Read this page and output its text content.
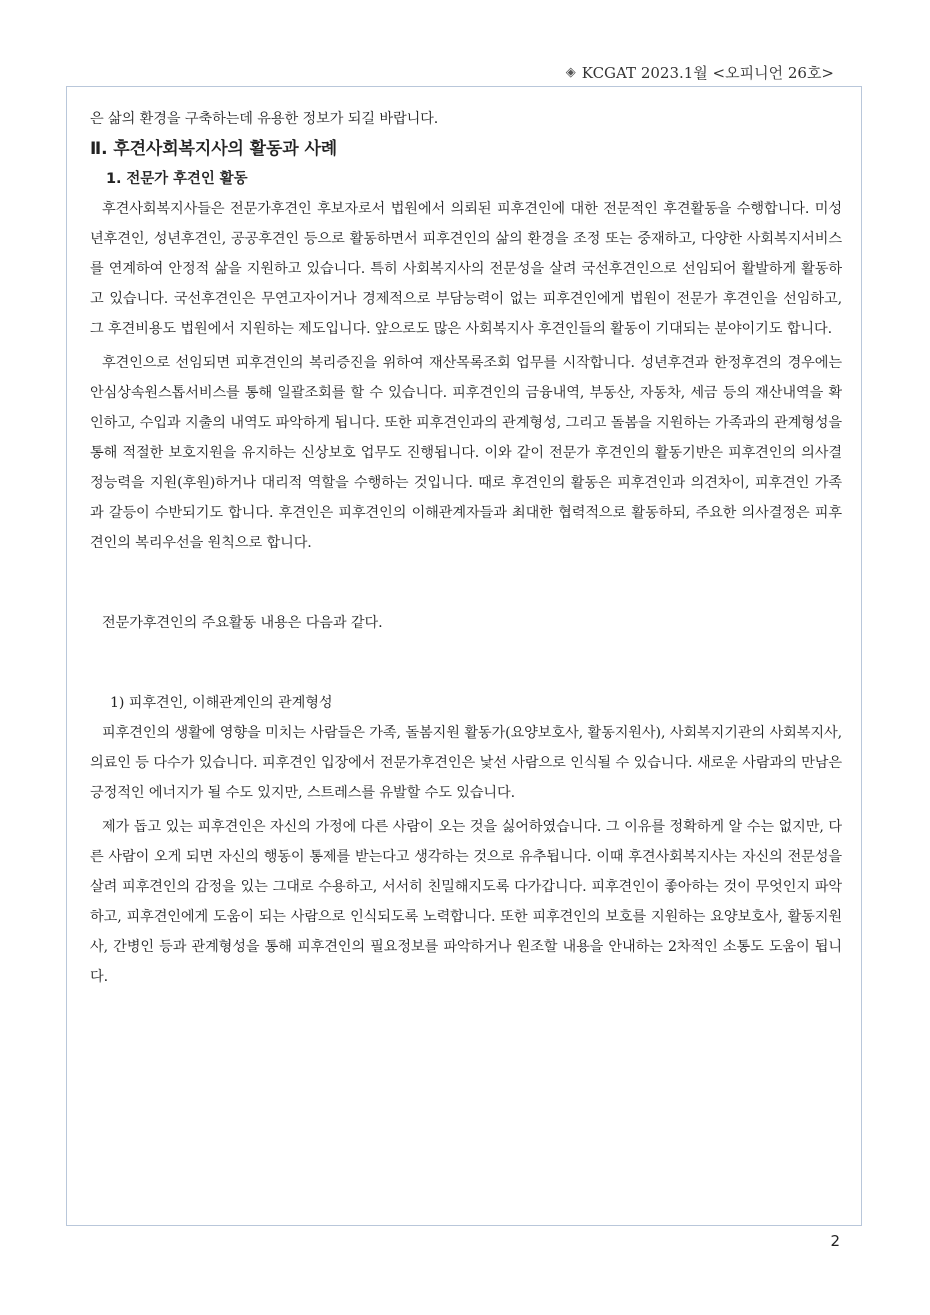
◈ KCGAT 2023.1월 <오피니언 26호>

은 삶의 환경을 구축하는데 유용한 정보가 되길 바랍니다.

Ⅱ. 후견사회복지사의 활동과 사례

1. 전문가 후견인 활동

후견사회복지사들은 전문가후견인 후보자로서 법원에서 의뢰된 피후견인에 대한 전문적인 후견활동을 수행합니다. 미성년후견인, 성년후견인, 공공후견인 등으로 활동하면서 피후견인의 삶의 환경을 조정 또는 중재하고, 다양한 사회복지서비스를 연계하여 안정적 삶을 지원하고 있습니다. 특히 사회복지사의 전문성을 살려 국선후견인으로 선임되어 활발하게 활동하고 있습니다. 국선후견인은 무연고자이거나 경제적으로 부담능력이 없는 피후견인에게 법원이 전문가 후견인을 선임하고, 그 후견비용도 법원에서 지원하는 제도입니다. 앞으로도 많은 사회복지사 후견인들의 활동이 기대되는 분야이기도 합니다.

후견인으로 선임되면 피후견인의 복리증진을 위하여 재산목록조회 업무를 시작합니다. 성년후견과 한정후견의 경우에는 안심상속원스톱서비스를 통해 일괄조회를 할 수 있습니다. 피후견인의 금융내역, 부동산, 자동차, 세금 등의 재산내역을 확인하고, 수입과 지출의 내역도 파악하게 됩니다. 또한 피후견인과의 관계형성, 그리고 돌봄을 지원하는 가족과의 관계형성을 통해 적절한 보호지원을 유지하는 신상보호 업무도 진행됩니다. 이와 같이 전문가 후견인의 활동기반은 피후견인의 의사결정능력을 지원(후원)하거나 대리적 역할을 수행하는 것입니다. 때로 후견인의 활동은 피후견인과 의견차이, 피후견인 가족과 갈등이 수반되기도 합니다. 후견인은 피후견인의 이해관계자들과 최대한 협력적으로 활동하되, 주요한 의사결정은 피후견인의 복리우선을 원칙으로 합니다.

전문가후견인의 주요활동 내용은 다음과 같다.

1) 피후견인, 이해관계인의 관계형성

피후견인의 생활에 영향을 미치는 사람들은 가족, 돌봄지원 활동가(요양보호사, 활동지원사), 사회복지기관의 사회복지사, 의료인 등 다수가 있습니다. 피후견인 입장에서 전문가후견인은 낯선 사람으로 인식될 수 있습니다. 새로운 사람과의 만남은 긍정적인 에너지가 될 수도 있지만, 스트레스를 유발할 수도 있습니다.

제가 돕고 있는 피후견인은 자신의 가정에 다른 사람이 오는 것을 싫어하였습니다. 그 이유를 정확하게 알 수는 없지만, 다른 사람이 오게 되면 자신의 행동이 통제를 받는다고 생각하는 것으로 유추됩니다. 이때 후견사회복지사는 자신의 전문성을 살려 피후견인의 감정을 있는 그대로 수용하고, 서서히 친밀해지도록 다가갑니다. 피후견인이 좋아하는 것이 무엇인지 파악하고, 피후견인에게 도움이 되는 사람으로 인식되도록 노력합니다. 또한 피후견인의 보호를 지원하는 요양보호사, 활동지원사, 간병인 등과 관계형성을 통해 피후견인의 필요정보를 파악하거나 원조할 내용을 안내하는 2차적인 소통도 도움이 됩니다.

2
